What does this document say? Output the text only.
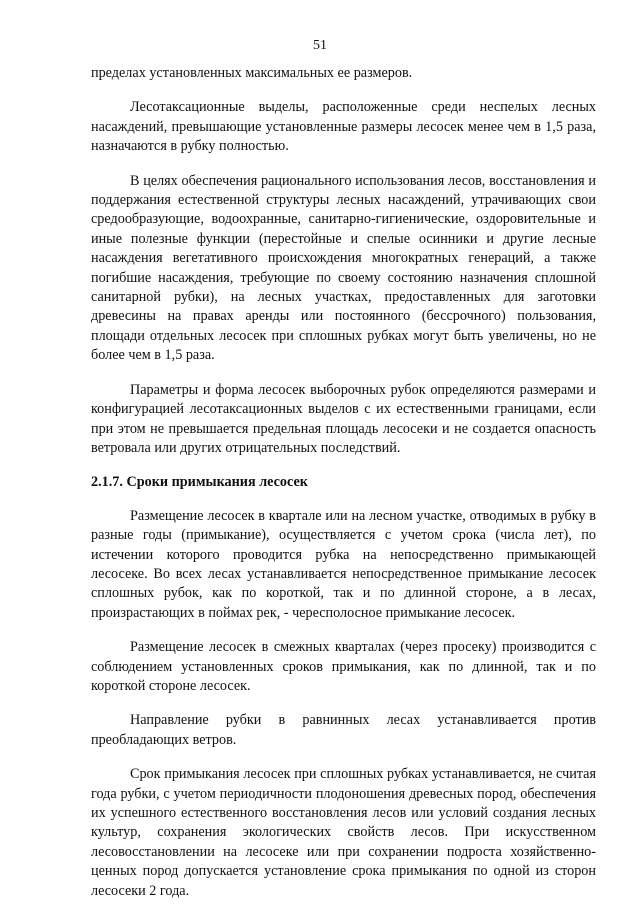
51

пределах установленных максимальных ее размеров.

Лесотаксационные выделы, расположенные среди неспелых лесных насаждений, превышающие установленные размеры лесосек менее чем в 1,5 раза, назначаются в рубку полностью.

В целях обеспечения рационального использования лесов, восстановления и поддержания естественной структуры лесных насаждений, утрачивающих свои средообразующие, водоохранные, санитарно-гигиенические, оздоровительные и иные полезные функции (перестойные и спелые осинники и другие лесные насаждения вегетативного происхождения многократных генераций, а также погибшие насаждения, требующие по своему состоянию назначения сплошной санитарной рубки), на лесных участках, предоставленных для заготовки древесины на правах аренды или постоянного (бессрочного) пользования, площади отдельных лесосек при сплошных рубках могут быть увеличены, но не более чем в 1,5 раза.

Параметры и форма лесосек выборочных рубок определяются размерами и конфигурацией лесотаксационных выделов с их естественными границами, если при этом не превышается предельная площадь лесосеки и не создается опасность ветровала или других отрицательных последствий.

2.1.7. Сроки примыкания лесосек

Размещение лесосек в квартале или на лесном участке, отводимых в рубку в разные годы (примыкание), осуществляется с учетом срока (числа лет), по истечении которого проводится рубка на непосредственно примыкающей лесосеке. Во всех лесах устанавливается непосредственное примыкание лесосек сплошных рубок, как по короткой, так и по длинной стороне, а в лесах, произрастающих в поймах рек, - чересполосное примыкание лесосек.

Размещение лесосек в смежных кварталах (через просеку) производится с соблюдением установленных сроков примыкания, как по длинной, так и по короткой стороне лесосек.

Направление рубки в равнинных лесах устанавливается против преобладающих ветров.

Срок примыкания лесосек при сплошных рубках устанавливается, не считая года рубки, с учетом периодичности плодоношения древесных пород, обеспечения их успешного естественного восстановления лесов или условий создания лесных культур, сохранения экологических свойств лесов. При искусственном лесовосстановлении на лесосеке или при сохранении подроста хозяйственно-ценных пород допускается установление срока примыкания по одной из сторон лесосеки 2 года.
